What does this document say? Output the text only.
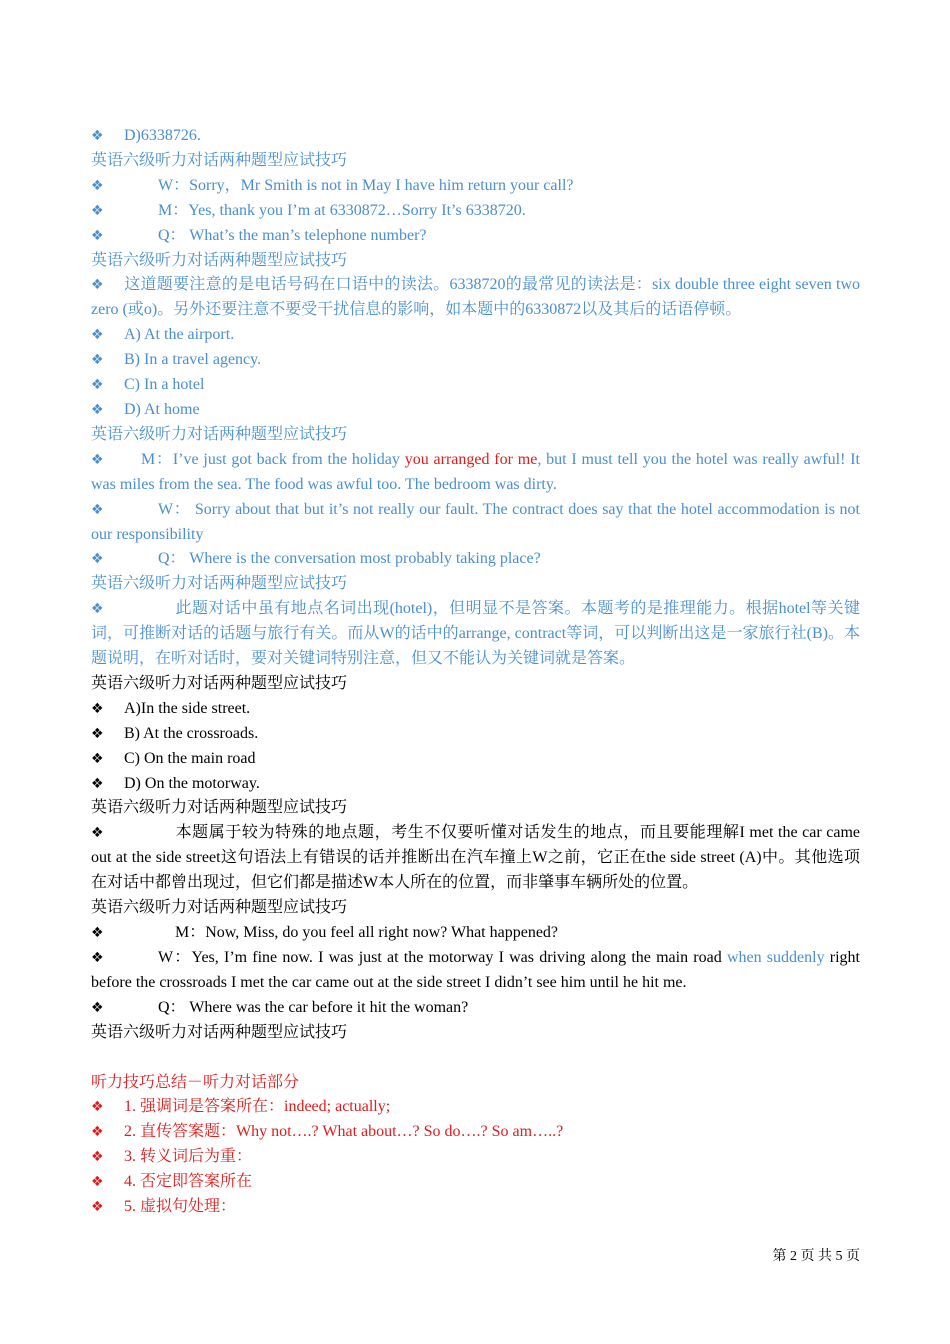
❖ D)6338726.
英语六级听力对话两种题型应试技巧
❖	W：Sorry，Mr Smith is not in May I have him return your call?
❖	M：Yes, thank you I’m at 6330872…Sorry It’s 6338720.
❖	Q： What’s the man’s telephone number?
英语六级听力对话两种题型应试技巧
❖ 这道题要注意的是电话号码在口语中的读法。6338720的最常见的读法是：six double three eight seven two zero (或o)。另外还要注意不要受干扰信息的影响，如本题中的6330872以及其后的话语停顿。
❖ A) At the airport.
❖ B) In a travel agency.
❖ C) In a hotel
❖ D) At home
英语六级听力对话两种题型应试技巧
❖ M：I’ve just got back from the holiday you arranged for me, but I must tell you the hotel was really awful! It was miles from the sea. The food was awful too. The bedroom was dirty.
❖	W： Sorry about that but it’s not really our fault. The contract does say that the hotel accommodation is not our responsibility
❖	Q： Where is the conversation most probably taking place?
英语六级听力对话两种题型应试技巧
❖	此题对话中虽有地点名词出现(hotel)，但明显不是答案。本题考的是推理能力。根据hotel等关键词，可推断对话的话题与旅行有关。而从W的话中的arrange, contract等词，可以判断出这是一家旅行社(B)。本题说明，在听对话时，要对关键词特别注意，但又不能认为关键词就是答案。
英语六级听力对话两种题型应试技巧
❖ A)In the side street.
❖ B) At the crossroads.
❖ C) On the main road
❖ D) On the motorway.
英语六级听力对话两种题型应试技巧
❖	本题属于较为特殊的地点题，考生不仅要听懂对话发生的地点，而且要能理解I met the car came out at the side street这句语法上有错误的话并推断出在汽车撞上W之前，它正在the side street (A)中。其他选项在对话中都曾出现过，但它们都是描述W本人所在的位置，而非肇事车辆所处的位置。
英语六级听力对话两种题型应试技巧
❖	M：Now, Miss, do you feel all right now? What happened?
❖	W：Yes, I’m fine now. I was just at the motorway I was driving along the main road when suddenly right before the crossroads I met the car came out at the side street I didn’t see him until he hit me.
❖	Q： Where was the car before it hit the woman?
英语六级听力对话两种题型应试技巧
听力技巧总结－听力对话部分
❖ 1. 强调词是答案所在：indeed; actually;
❖ 2. 直传答案题：Why not….? What about…? So do….? So am…..?
❖ 3. 转义词后为重：
❖ 4. 否定即答案所在
❖ 5. 虚拟句处理：
第 2 页 共 5 页
